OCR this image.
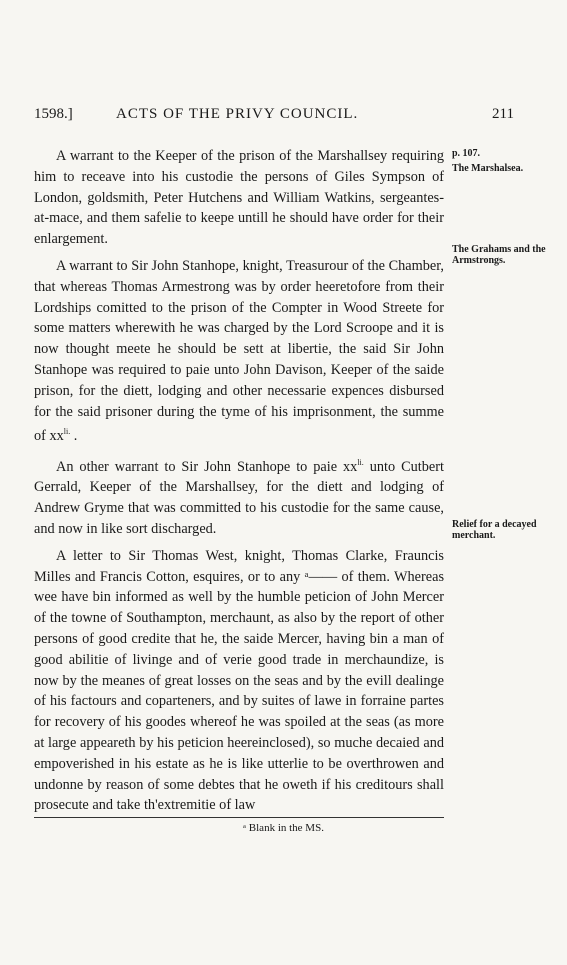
1598.]	ACTS OF THE PRIVY COUNCIL.	211

A warrant to the Keeper of the prison of the Marshallsey requiring him to receave into his custodie the persons of Giles Sympson of London, goldsmith, Peter Hutchens and William Watkins, sergeantes-at-mace, and them safelie to keepe untill he should have order for their enlargement.

A warrant to Sir John Stanhope, knight, Treasurour of the Chamber, that whereas Thomas Armestrong was by order heeretofore from their Lordships comitted to the prison of the Compter in Wood Streete for some matters wherewith he was charged by the Lord Scroope and it is now thought meete he should be sett at libertie, the said Sir John Stanhope was required to paie unto John Davison, Keeper of the saide prison, for the diett, lodging and other necessarie expences disbursed for the said prisoner during the tyme of his imprisonment, the summe of $xx^{li.}$ .

An other warrant to Sir John Stanhope to paie $xx^{li.}$ unto Cutbert Gerrald, Keeper of the Marshallsey, for the diett and lodging of Andrew Gryme that was committed to his custodie for the same cause, and now in like sort discharged.

A letter to Sir Thomas West, knight, Thomas Clarke, Frauncis Milles and Francis Cotton, esquires, or to any ᵃ—— of them. Whereas wee have bin informed as well by the humble peticion of John Mercer of the towne of Southampton, merchaunt, as also by the report of other persons of good credite that he, the saide Mercer, having bin a man of good abilitie of livinge and of verie good trade in merchaundize, is now by the meanes of great losses on the seas and by the evill dealinge of his factours and coparteners, and by suites of lawe in forraine partes for recovery of his goodes whereof he was spoiled at the seas (as more at large appeareth by his peticion heereinclosed), so muche decaied and empoverished in his estate as he is like utterlie to be overthrowen and undonne by reason of some debtes that he oweth if his creditours shall prosecute and take th'extremitie of law

p. 107.
The Marshalsea.
The Grahams and the Armstrongs.
Relief for a decayed merchant.
ᵃ Blank in the MS.
